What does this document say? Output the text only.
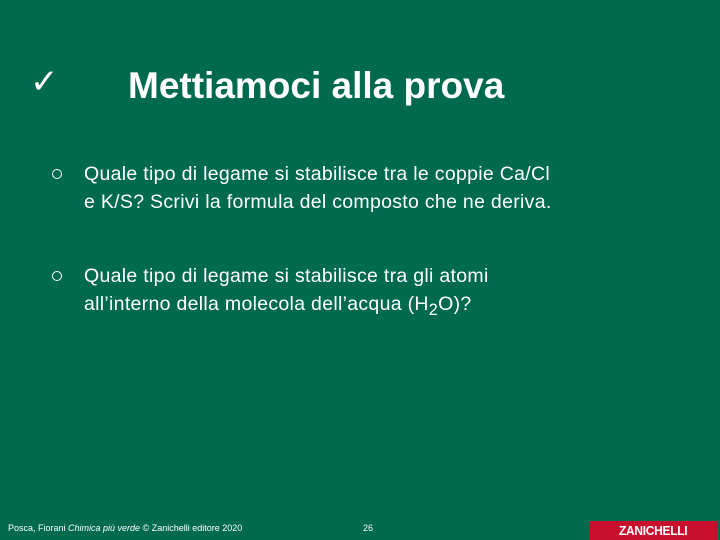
✓ Mettiamoci alla prova
Quale tipo di legame si stabilisce tra le coppie Ca/Cl
e K/S? Scrivi la formula del composto che ne deriva.
Quale tipo di legame si stabilisce tra gli atomi
all’interno della molecola dell’acqua $(H_2O)$?
Posca, Fiorani Chimica più verde © Zanichelli editore 2020	26	ZANICHELLI
